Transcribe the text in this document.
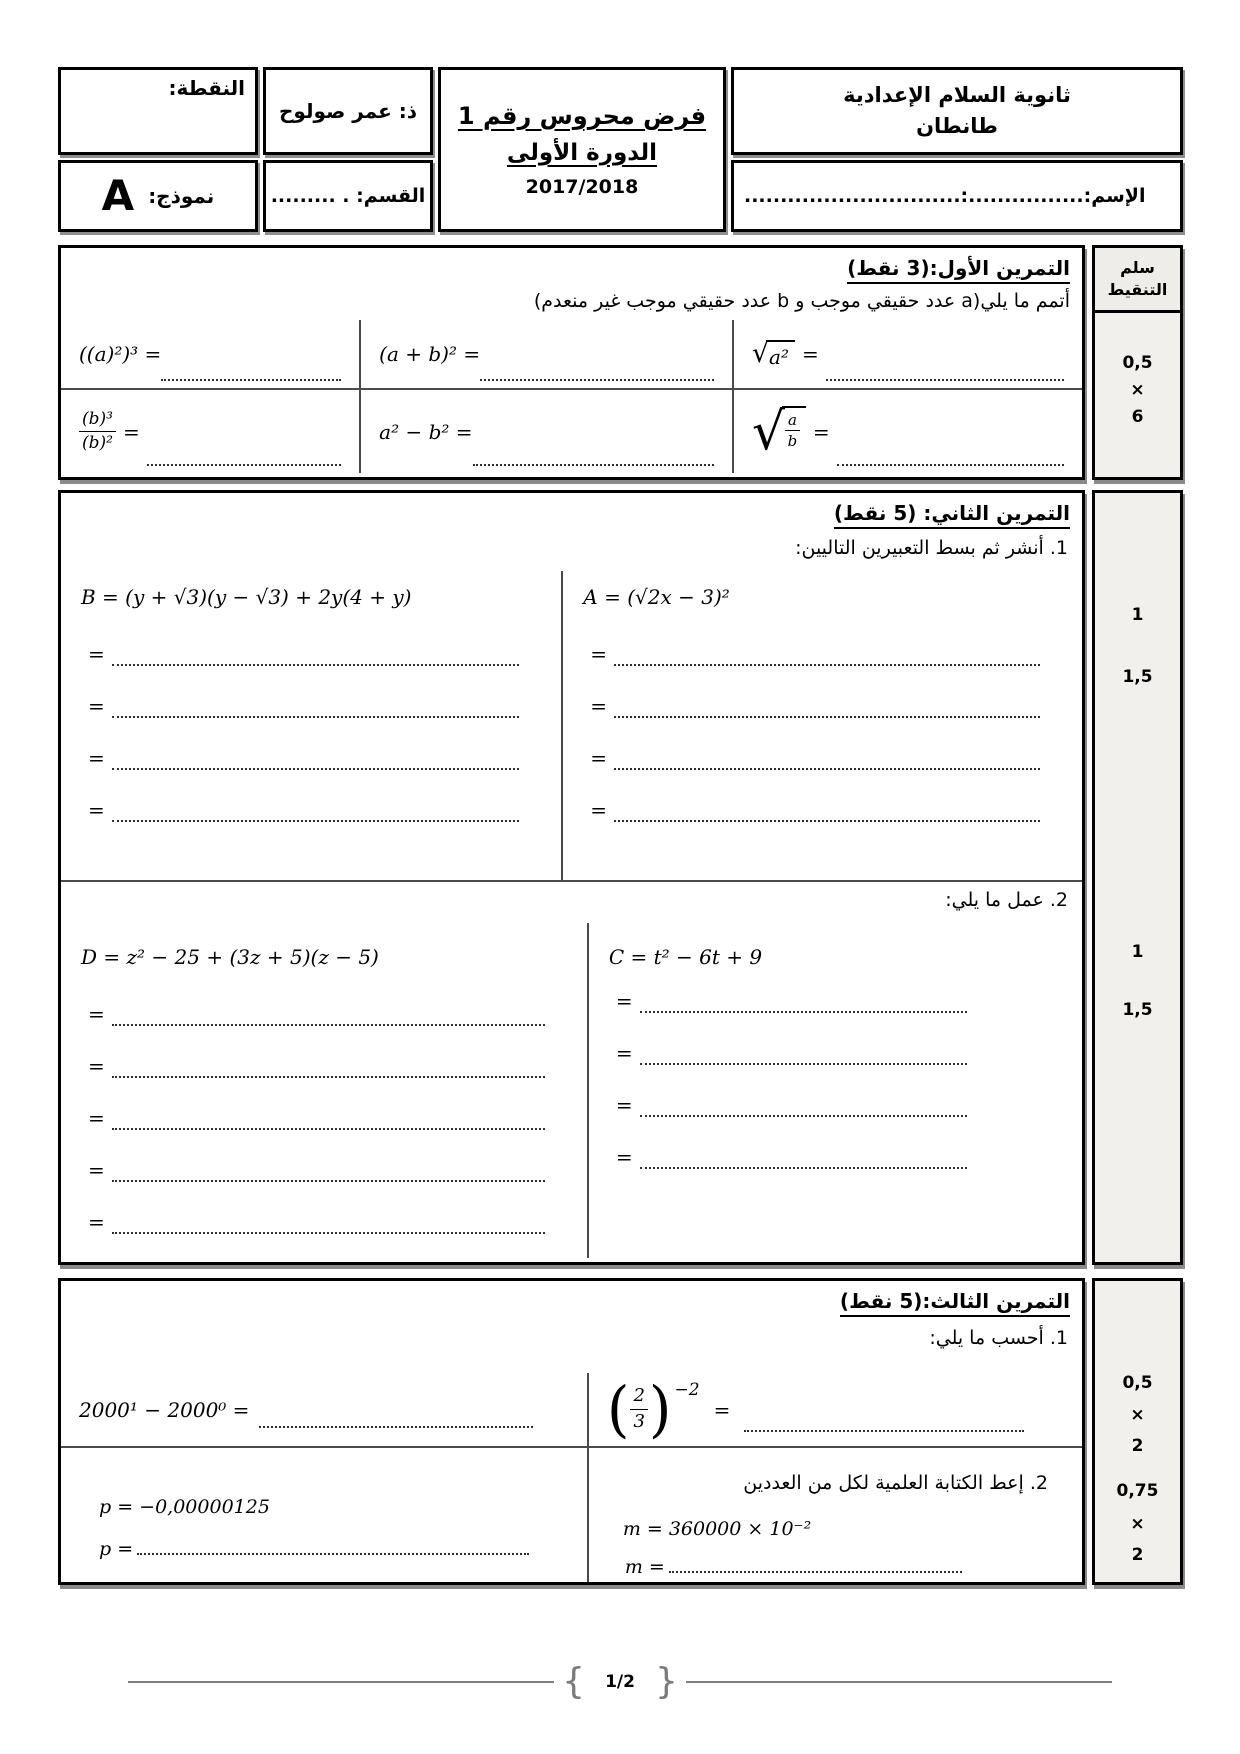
ثانوية السلام الإعدادية
طانطان
الإسم:................:..............................
فرض محروس رقم 1
الدورة الأولى
2017/2018
ذ: عمر صولوح
القسم: . .........
النقطة:
نموذج:
A
التمرين الأول:(3 نقط)
أتمم ما يلي(a عدد حقيقي موجب و b عدد حقيقي موجب غير منعدم)
((a)²)³ =	(a + b)² =	√ a² =
$\frac{\text{(b)³}}{\text{(b)²}}$ =	a² − b² =	√ $\frac{a}{b}$ =
سلم
التنقيط
0,5
×
6
التمرين الثاني: (5 نقط)
1. أنشر ثم بسط التعبيرين التاليين:
B = (y + √3)(y − √3) + 2y(4 + y)
=
=
=
=
A = (√2x − 3)²
=
=
=
=
2. عمل ما يلي:
D = z² − 25 + (3z + 5)(z − 5)
=
=
=
=
=
C = t² − 6t + 9
=
=
=
=
1
1,5
1
1,5
التمرين الثالث:(5 نقط)
1. أحسب ما يلي:
2000¹ − 2000⁰ =	( $\frac{2}{3}$ ) −2
=
p = −0,00000125
p =
2. إعط الكتابة العلمية لكل من العددين
m = 360000 × 10⁻²
m =
0,5
×
2
0,75
×
2
{ 1/2 }
